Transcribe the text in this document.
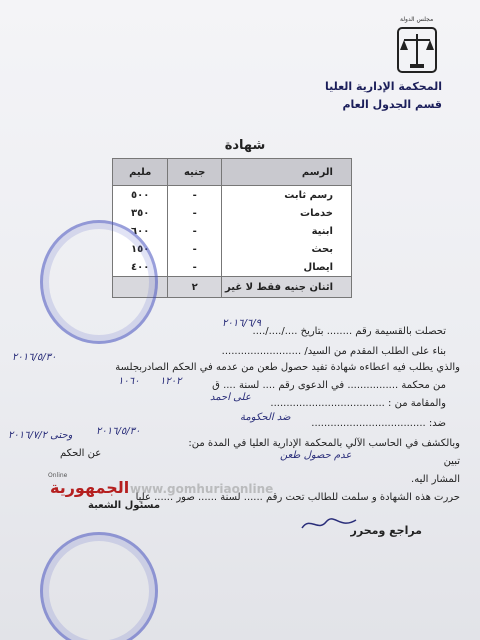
مجلس الدولة
المحكمة الإدارية العليا
قسم الجدول العام
شهادة
الرسم	جنيه	مليم
رسم ثابت	-	٥٠٠
خدمات	-	٣٥٠
ابنية	-	٦٠٠
بحث	-	١٥٠
ايصال	-	٤٠٠
اثنان جنيه فقط لا غير	٢	
تحصلت بالقسيمة رقم ........ بتاريخ ..../..../....
٢٠١٦/٦/٩
بناء على الطلب المقدم من السيد/ .........................
والذي يطلب فيه اعطاءه شهادة تفيد حصول طعن من عدمه في الحكم الصادربجلسة
٢٠١٦/٥/٣٠
من محكمة ................ في الدعوى رقم .... لسنة .... ق
١٢٠٢
١٠٦٠
والمقامة من : ....................................
على احمد
ضد: ....................................
ضد الحكومة
وبالكشف في الحاسب الآلي بالمحكمة الإدارية العليا في المدة من:
٢٠١٦/٥/٣٠
وحتى ٢٠١٦/٧/٢
تبين
عدم حصول طعن
عن الحكم
المشار اليه.
www.gomhuriaonline
Online
الجمهورية
حررت هذه الشهادة و سلمت للطالب تحت رقم ...... لسنة ...... صور ...... عليا
مسئول الشعبة
مراجع ومحرر
